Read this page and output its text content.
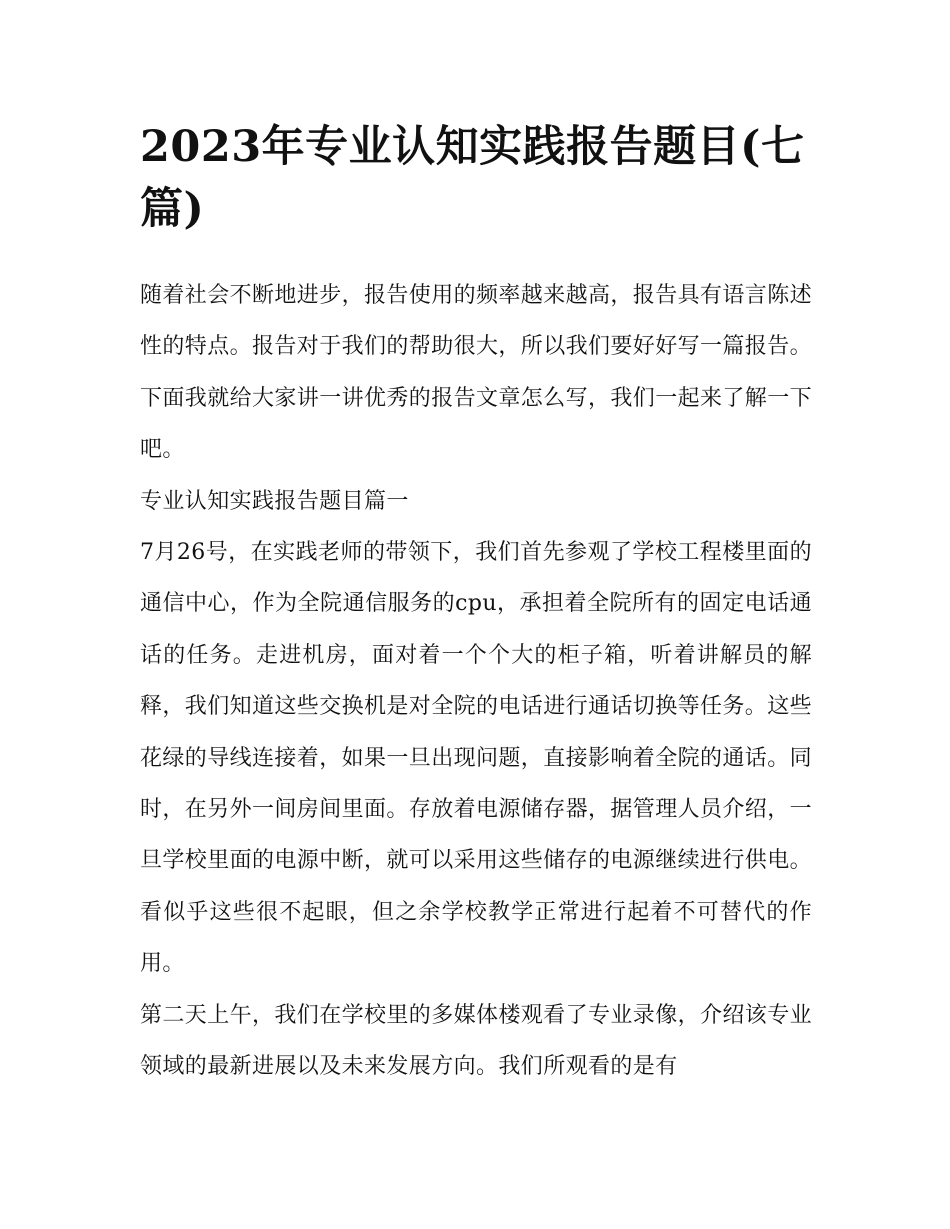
2023年专业认知实践报告题目(七篇)

随着社会不断地进步，报告使用的频率越来越高，报告具有语言陈述性的特点。报告对于我们的帮助很大，所以我们要好好写一篇报告。下面我就给大家讲一讲优秀的报告文章怎么写，我们一起来了解一下吧。

专业认知实践报告题目篇一

7月26号，在实践老师的带领下，我们首先参观了学校工程楼里面的通信中心，作为全院通信服务的cpu，承担着全院所有的固定电话通话的任务。走进机房，面对着一个个大的柜子箱，听着讲解员的解释，我们知道这些交换机是对全院的电话进行通话切换等任务。这些花绿的导线连接着，如果一旦出现问题，直接影响着全院的通话。同时，在另外一间房间里面。存放着电源储存器，据管理人员介绍，一旦学校里面的电源中断，就可以采用这些储存的电源继续进行供电。看似乎这些很不起眼，但之余学校教学正常进行起着不可替代的作用。

第二天上午，我们在学校里的多媒体楼观看了专业录像，介绍该专业领域的最新进展以及未来发展方向。我们所观看的是有
